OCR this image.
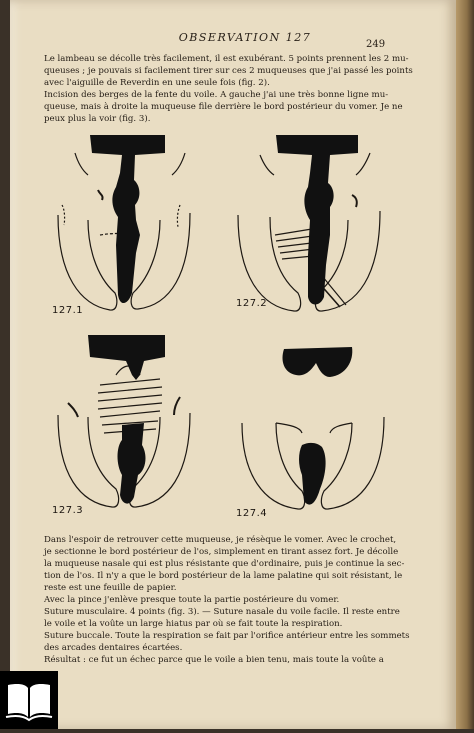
OBSERVATION 127
249
Le lambeau se décolle très facilement, il est exubérant. 5 points prennent les 2 mu-
queuses ; je pouvais si facilement tirer sur ces 2 muqueuses que j'ai passé les points
avec l'aiguille de Reverdin en une seule fois (fig. 2).
Incision des berges de la fente du voile. A gauche j'ai une très bonne ligne mu-
queuse, mais à droite la muqueuse file derrière le bord postérieur du vomer. Je ne
peux plus la voir (fig. 3).
127.1
127.2
127.3	127.4
Dans l'espoir de retrouver cette muqueuse, je résèque le vomer. Avec le crochet,
je sectionne le bord postérieur de l'os, simplement en tirant assez fort. Je décolle
la muqueuse nasale qui est plus résistante que d'ordinaire, puis je continue la sec-
tion de l'os. Il n'y a que le bord postérieur de la lame palatine qui soit résistant, le
reste est une feuille de papier.
Avec la pince j'enlève presque toute la partie postérieure du vomer.
Suture musculaire. 4 points (fig. 3). — Suture nasale du voile facile. Il reste entre
le voile et la voûte un large hiatus par où se fait toute la respiration.
Suture buccale. Toute la respiration se fait par l'orifice antérieur entre les sommets
des arcades dentaires écartées.
Résultat : ce fut un échec parce que le voile a bien tenu, mais toute la voûte a
